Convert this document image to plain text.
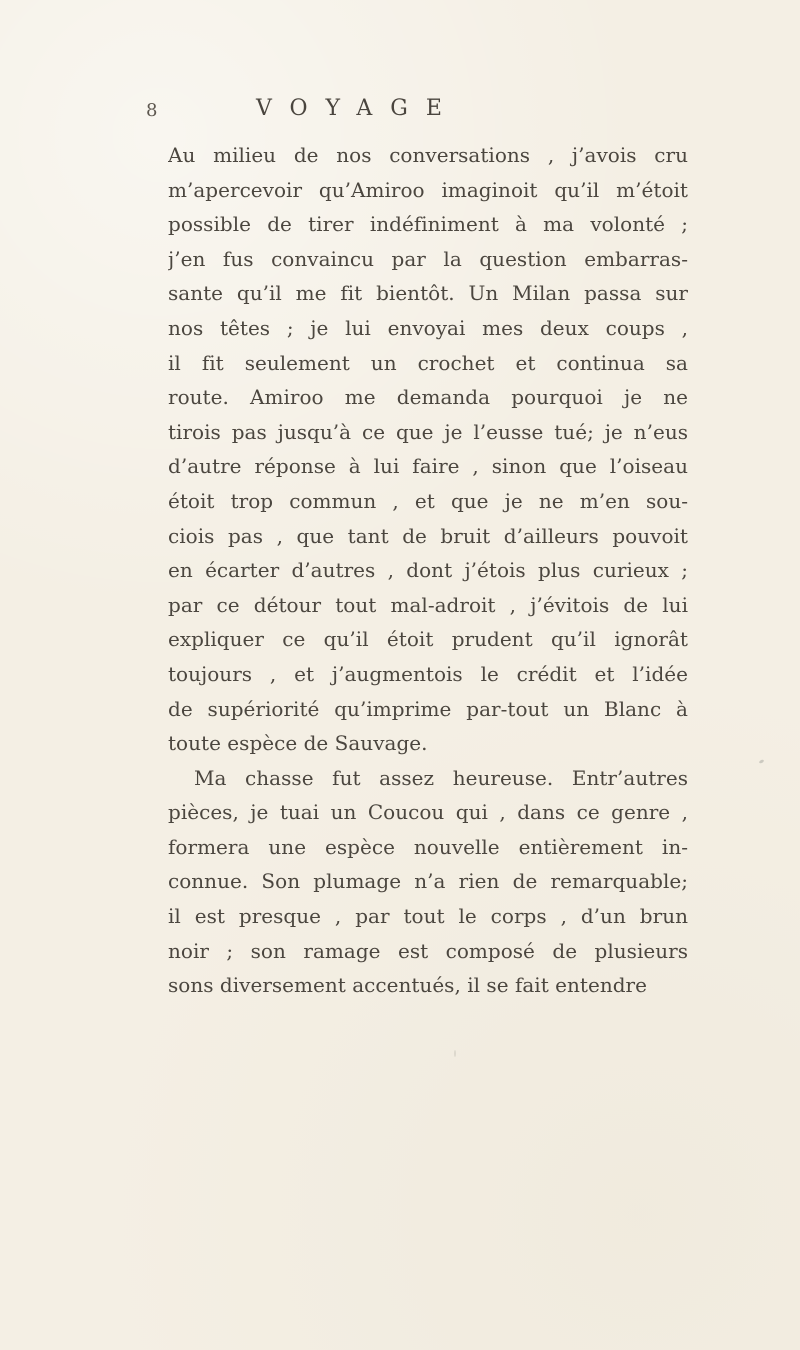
8	VOYAGE
Au milieu de nos conversations , j’avois cru
m’apercevoir qu’Amiroo imaginoit qu’il m’étoit
possible de tirer indéfiniment à ma volonté ;
j’en fus convaincu par la question embarras-
sante qu’il me fit bientôt. Un Milan passa sur
nos têtes ; je lui envoyai mes deux coups ,
il fit seulement un crochet et continua sa
route. Amiroo me demanda pourquoi je ne
tirois pas jusqu’à ce que je l’eusse tué; je n’eus
d’autre réponse à lui faire , sinon que l’oiseau
étoit trop commun , et que je ne m’en sou-
ciois pas , que tant de bruit d’ailleurs pouvoit
en écarter d’autres , dont j’étois plus curieux ;
par ce détour tout mal-adroit , j’évitois de lui
expliquer ce qu’il étoit prudent qu’il ignorât
toujours , et j’augmentois le crédit et l’idée
de supériorité qu’imprime par-tout un Blanc à
toute espèce de Sauvage.
Ma chasse fut assez heureuse. Entr’autres
pièces, je tuai un Coucou qui , dans ce genre ,
formera une espèce nouvelle entièrement in-
connue. Son plumage n’a rien de remarquable;
il est presque , par tout le corps , d’un brun
noir ; son ramage est composé de plusieurs
sons diversement accentués, il se fait entendre
